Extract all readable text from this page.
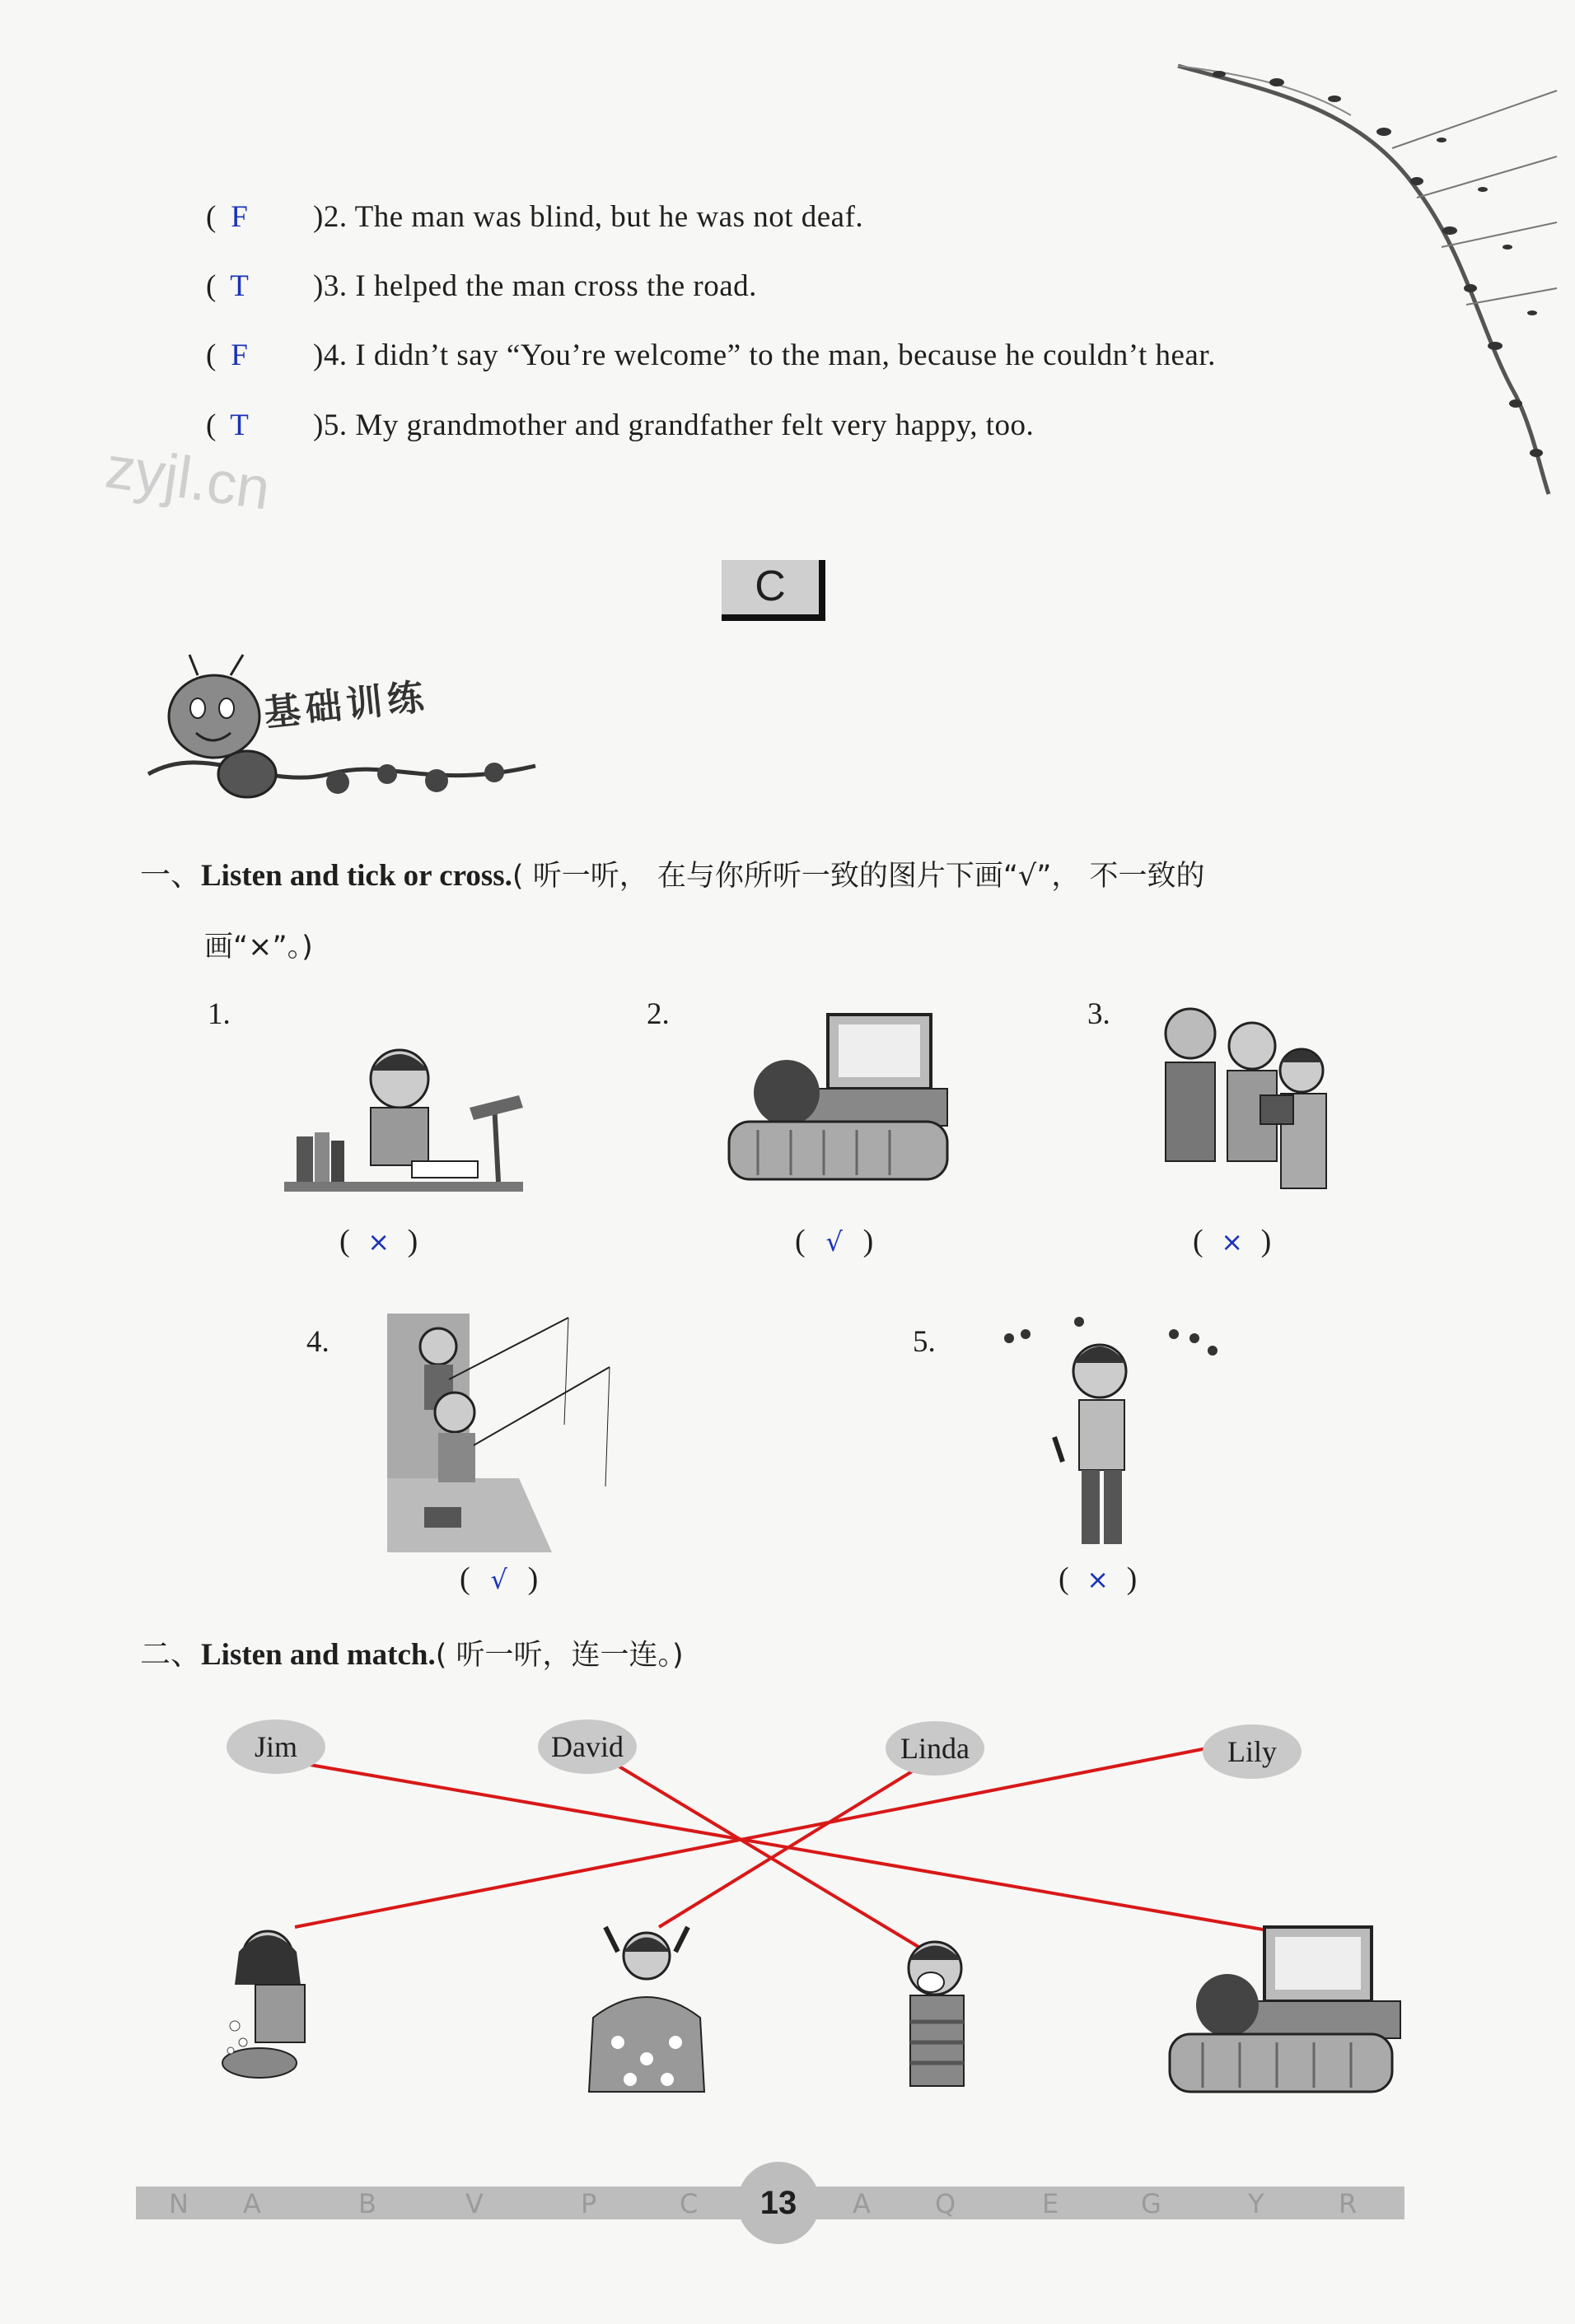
( F )2. The man was blind, but he was not deaf.
( T )3. I helped the man cross the road.
( F )4. I didn’t say “You’re welcome” to the man, because he couldn’t hear.
( T )5. My grandmother and grandfather felt very happy, too.
zyjl.cn
C
基础训练
一、Listen and tick or cross.( 听一听， 在与你所听一致的图片下画“√”， 不一致的
画“×”。)
1.	2.	3.
4.	5.
( × )	( √ )	( × )
( √ )	( × )
二、Listen and match.( 听一听，连一连。)
Jim	David	Linda	Lily
N A	B	V	P	C	A Q	E	G	Y	R
13
